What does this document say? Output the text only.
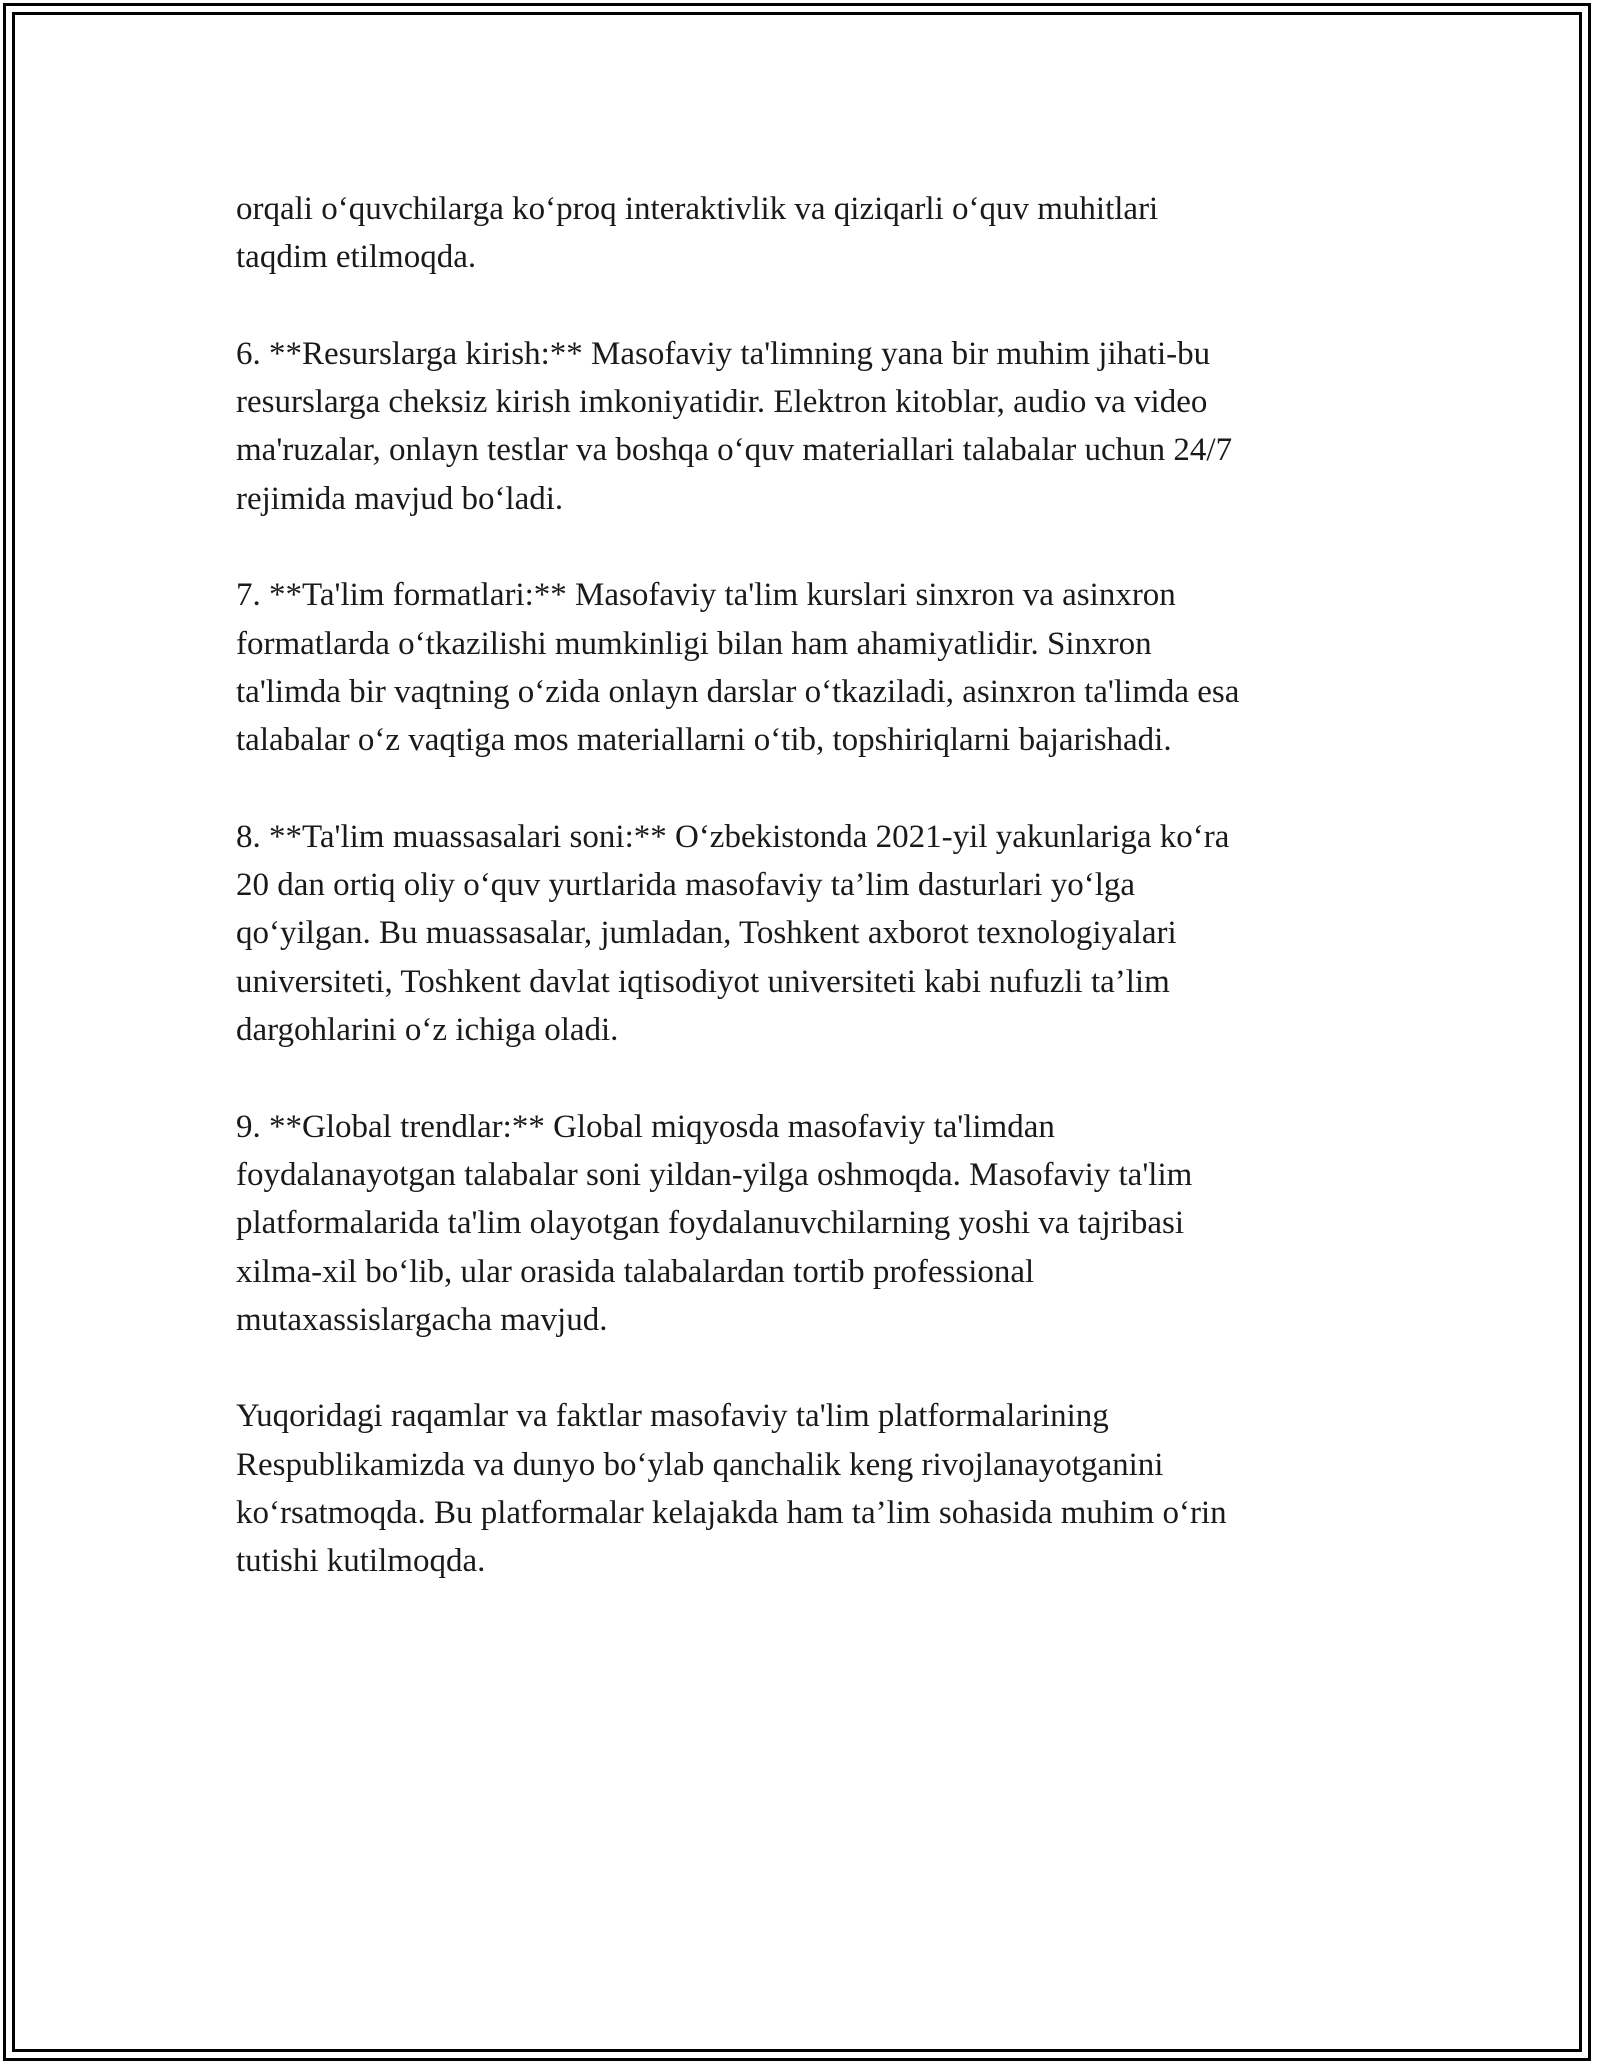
orqali o‘quvchilarga ko‘proq interaktivlik va qiziqarli o‘quv muhitlari
taqdim etilmoqda.

6. **Resurslarga kirish:** Masofaviy ta'limning yana bir muhim jihati-bu
resurslarga cheksiz kirish imkoniyatidir. Elektron kitoblar, audio va video
ma'ruzalar, onlayn testlar va boshqa o‘quv materiallari talabalar uchun 24/7
rejimida mavjud bo‘ladi.

7. **Ta'lim formatlari:** Masofaviy ta'lim kurslari sinxron va asinxron
formatlarda o‘tkazilishi mumkinligi bilan ham ahamiyatlidir. Sinxron
ta'limda bir vaqtning o‘zida onlayn darslar o‘tkaziladi, asinxron ta'limda esa
talabalar o‘z vaqtiga mos materiallarni o‘tib, topshiriqlarni bajarishadi.

8. **Ta'lim muassasalari soni:** O‘zbekistonda 2021-yil yakunlariga ko‘ra
20 dan ortiq oliy o‘quv yurtlarida masofaviy ta’lim dasturlari yo‘lga
qo‘yilgan. Bu muassasalar, jumladan, Toshkent axborot texnologiyalari
universiteti, Toshkent davlat iqtisodiyot universiteti kabi nufuzli ta’lim
dargohlarini o‘z ichiga oladi.

9. **Global trendlar:** Global miqyosda masofaviy ta'limdan
foydalanayotgan talabalar soni yildan-yilga oshmoqda. Masofaviy ta'lim
platformalarida ta'lim olayotgan foydalanuvchilarning yoshi va tajribasi
xilma-xil bo‘lib, ular orasida talabalardan tortib professional
mutaxassislargacha mavjud.

Yuqoridagi raqamlar va faktlar masofaviy ta'lim platformalarining
Respublikamizda va dunyo bo‘ylab qanchalik keng rivojlanayotganini
ko‘rsatmoqda. Bu platformalar kelajakda ham ta’lim sohasida muhim o‘rin
tutishi kutilmoqda.
